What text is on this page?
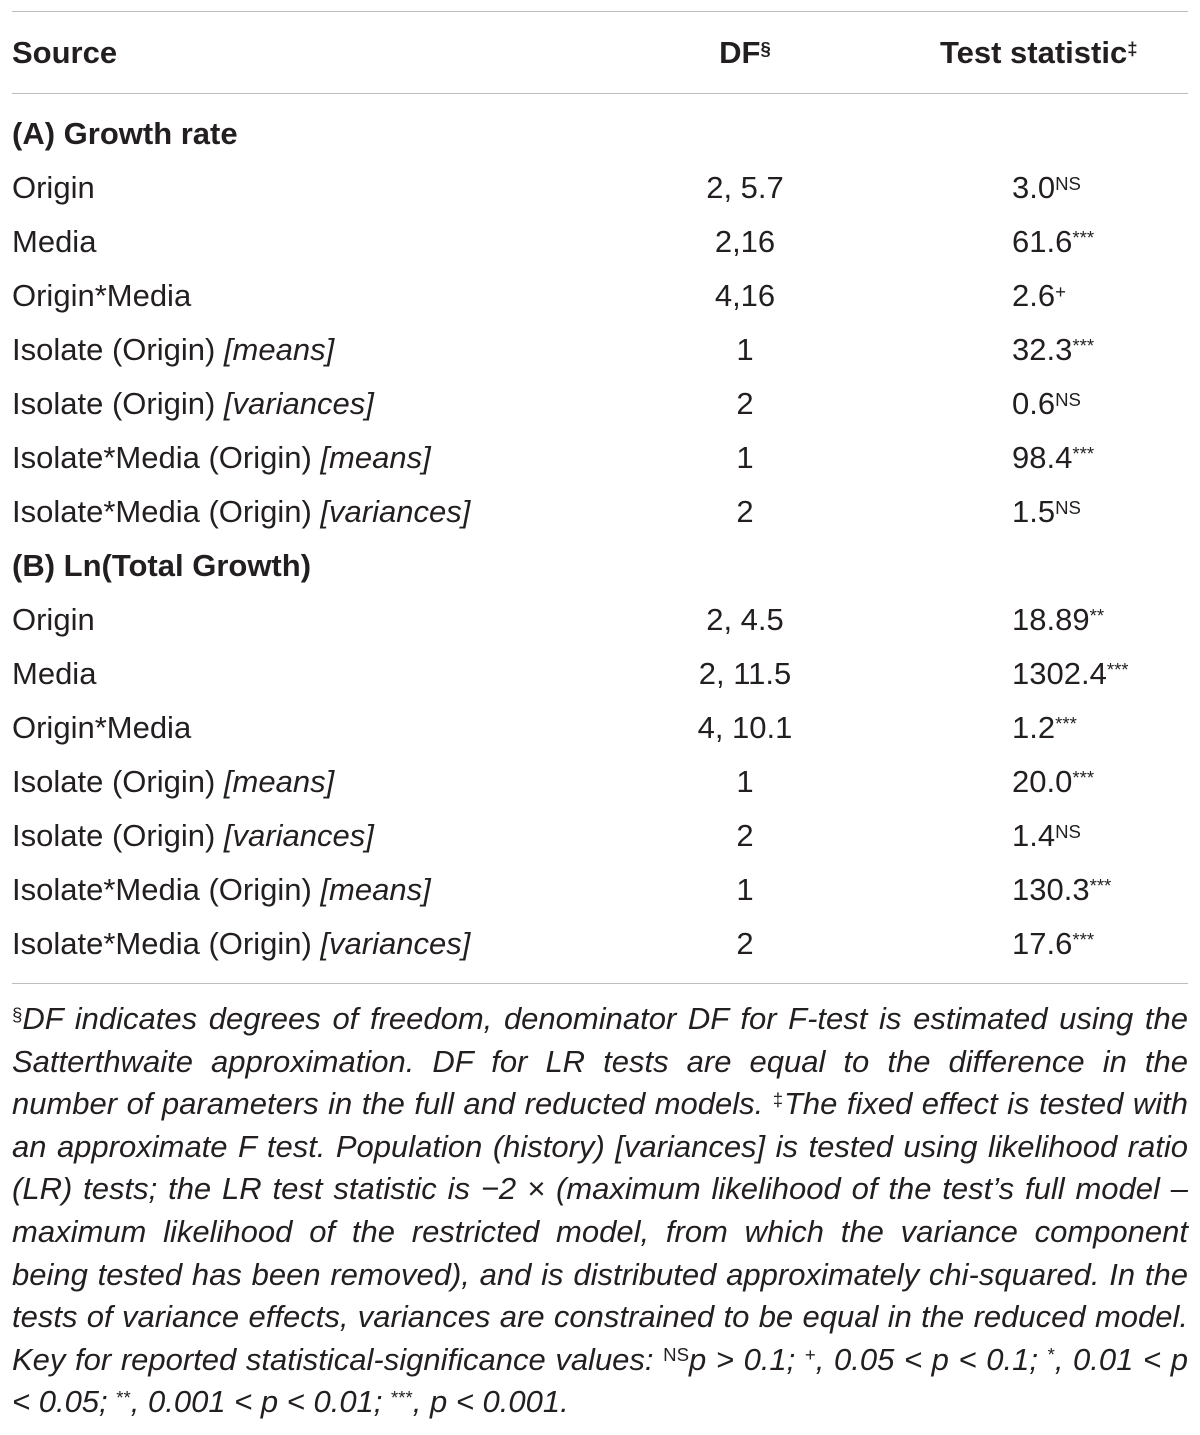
Source	DF§	Test statistic‡
(A) Growth rate
Origin	2, 5.7	$3.0^{NS}$
Media	2,16	61.6***
Origin*Media	4,16	2.6+
Isolate (Origin) [means]	1	32.3***
Isolate (Origin) [variances]	2	$0.6^{NS}$
Isolate*Media (Origin) [means]	1	98.4***
Isolate*Media (Origin) [variances]	2	$1.5^{NS}$
(B) Ln(Total Growth)
Origin	2, 4.5	18.89**
Media	2, 11.5	1302.4***
Origin*Media	4, 10.1	1.2***
Isolate (Origin) [means]	1	20.0***
Isolate (Origin) [variances]	2	$1.4^{NS}$
Isolate*Media (Origin) [means]	1	130.3***
Isolate*Media (Origin) [variances]	2	17.6***

§DF indicates degrees of freedom, denominator DF for F-test is estimated using the Satterthwaite approximation. DF for LR tests are equal to the difference in the number of parameters in the full and reducted models. ‡The fixed effect is tested with an approximate F test. Population (history) [variances] is tested using likelihood ratio (LR) tests; the LR test statistic is −2 × (maximum likelihood of the test’s full model – maximum likelihood of the restricted model, from which the variance component being tested has been removed), and is distributed approximately chi-squared. In the tests of variance effects, variances are constrained to be equal in the reduced model. Key for reported statistical-significance values: $^{NS}$p > 0.1; +, 0.05 < p < 0.1; *, 0.01 < p < 0.05; **, 0.001 < p < 0.01; ***, p < 0.001.
